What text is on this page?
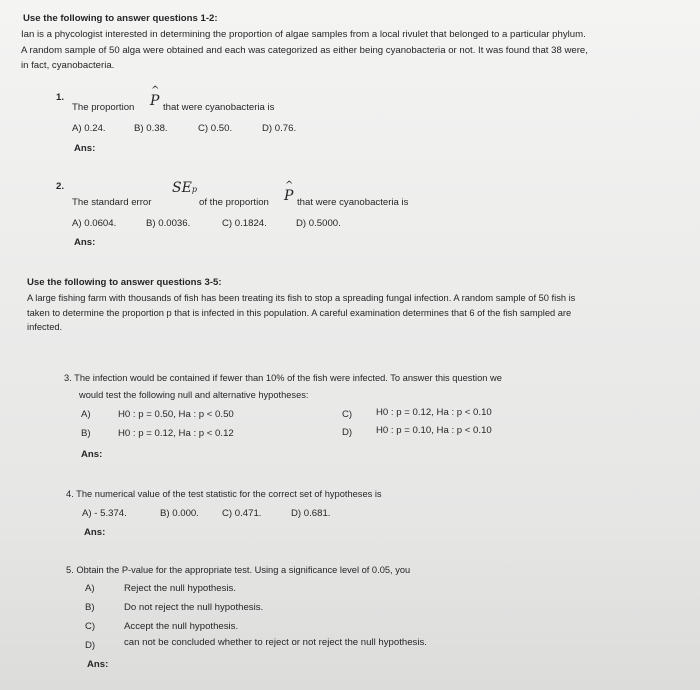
Use the following to answer questions 1-2:
Ian is a phycologist interested in determining the proportion of algae samples from a local rivulet that belonged to a particular phylum.
A random sample of 50 alga were obtained and each was categorized as either being cyanobacteria or not. It was found that 38 were,
in fact, cyanobacteria.
1.
The proportion ^ P that were cyanobacteria is
A) 0.24.	B) 0.38.	C) 0.50.	D) 0.76.
Ans:
2.
The standard error
SEp
of the proportion ^ P that were cyanobacteria is
A) 0.0604.	B) 0.0036.	C) 0.1824.	D) 0.5000.
Ans:
Use the following to answer questions 3-5:
A large fishing farm with thousands of fish has been treating its fish to stop a spreading fungal infection. A random sample of 50 fish is
taken to determine the proportion p that is infected in this population. A careful examination determines that 6 of the fish sampled are
infected.
3. The infection would be contained if fewer than 10% of the fish were infected. To answer this question we
would test the following null and alternative hypotheses:
A)	H0 : p = 0.50, Ha : p < 0.50
B)	H0 : p = 0.12, Ha : p < 0.12
C) H0 : p = 0.12, Ha : p < 0.10
D) H0 : p = 0.10, Ha : p < 0.10
Ans:
4. The numerical value of the test statistic for the correct set of hypotheses is
A) - 5.374.	B) 0.000. C) 0.471.	D) 0.681.
Ans:
5. Obtain the P-value for the appropriate test. Using a significance level of 0.05, you
A)	Reject the null hypothesis.
B)	Do not reject the null hypothesis.
C)	Accept the null hypothesis.
D)	can not be concluded whether to reject or not reject the null hypothesis.
Ans:
